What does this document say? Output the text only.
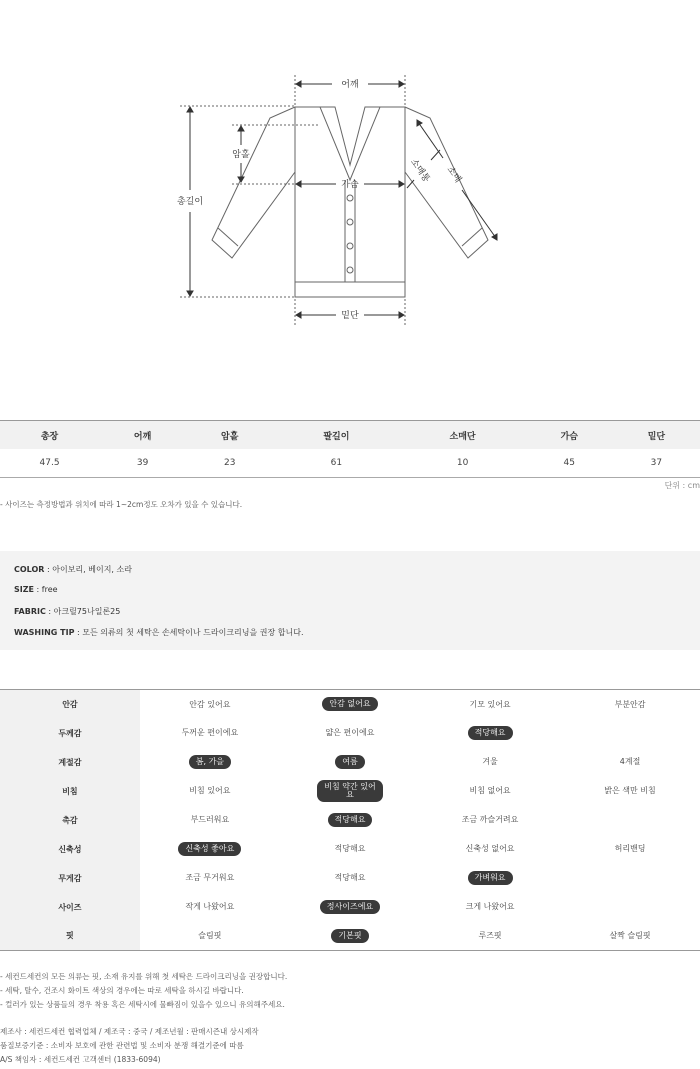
어깨
가슴
밑단
총길이
암홀
소매
소매통
총장	어깨	암홀	팔길이	소매단	가슴	밑단
47.5	39	23	61	10	45	37
단위 : cm
- 사이즈는 측정방법과 위치에 따라 1~2cm정도 오차가 있을 수 있습니다.
COLOR : 아이보리, 베이지, 소라
SIZE : free
FABRIC : 아크릴75나일론25
WASHING TIP : 모든 의류의 첫 세탁은 손세탁이나 드라이크리닝을 권장 합니다.
안감	안감 있어요	안감 없어요	기모 있어요	부분안감
두께감	두꺼운 편이에요	얇은 편이에요	적당해요	
계절감	봄, 가을	여름	겨울	4계절
비침	비침 있어요	비침 약간 있어요	비침 없어요	밝은 색만 비침
촉감	부드러워요	적당해요	조금 까슬거려요	
신축성	신축성 좋아요	적당해요	신축성 없어요	허리밴딩
무게감	조금 무거워요	적당해요	가벼워요	
사이즈	작게 나왔어요	정사이즈에요	크게 나왔어요	
핏	슬림핏	기본핏	루즈핏	살짝 슬림핏
- 세컨드세컨의 모든 의류는 핏, 소재 유지를 위해 첫 세탁은 드라이크리닝을 권장합니다.
- 세탁, 탈수, 건조시 화이트 색상의 경우에는 따로 세탁을 하시길 바랍니다.
- 컬러가 있는 상품들의 경우 착용 혹은 세탁시에 물빠짐이 있을수 있으니 유의해주세요.
제조사 : 세컨드세컨 협력업체 / 제조국 : 중국 / 제조년월 : 판매시즌내 상시제작
품질보증기준 : 소비자 보호에 관한 관련법 및 소비자 분쟁 해결기준에 따름
A/S 책임자 : 세컨드세컨 고객센터 (1833-6094)
